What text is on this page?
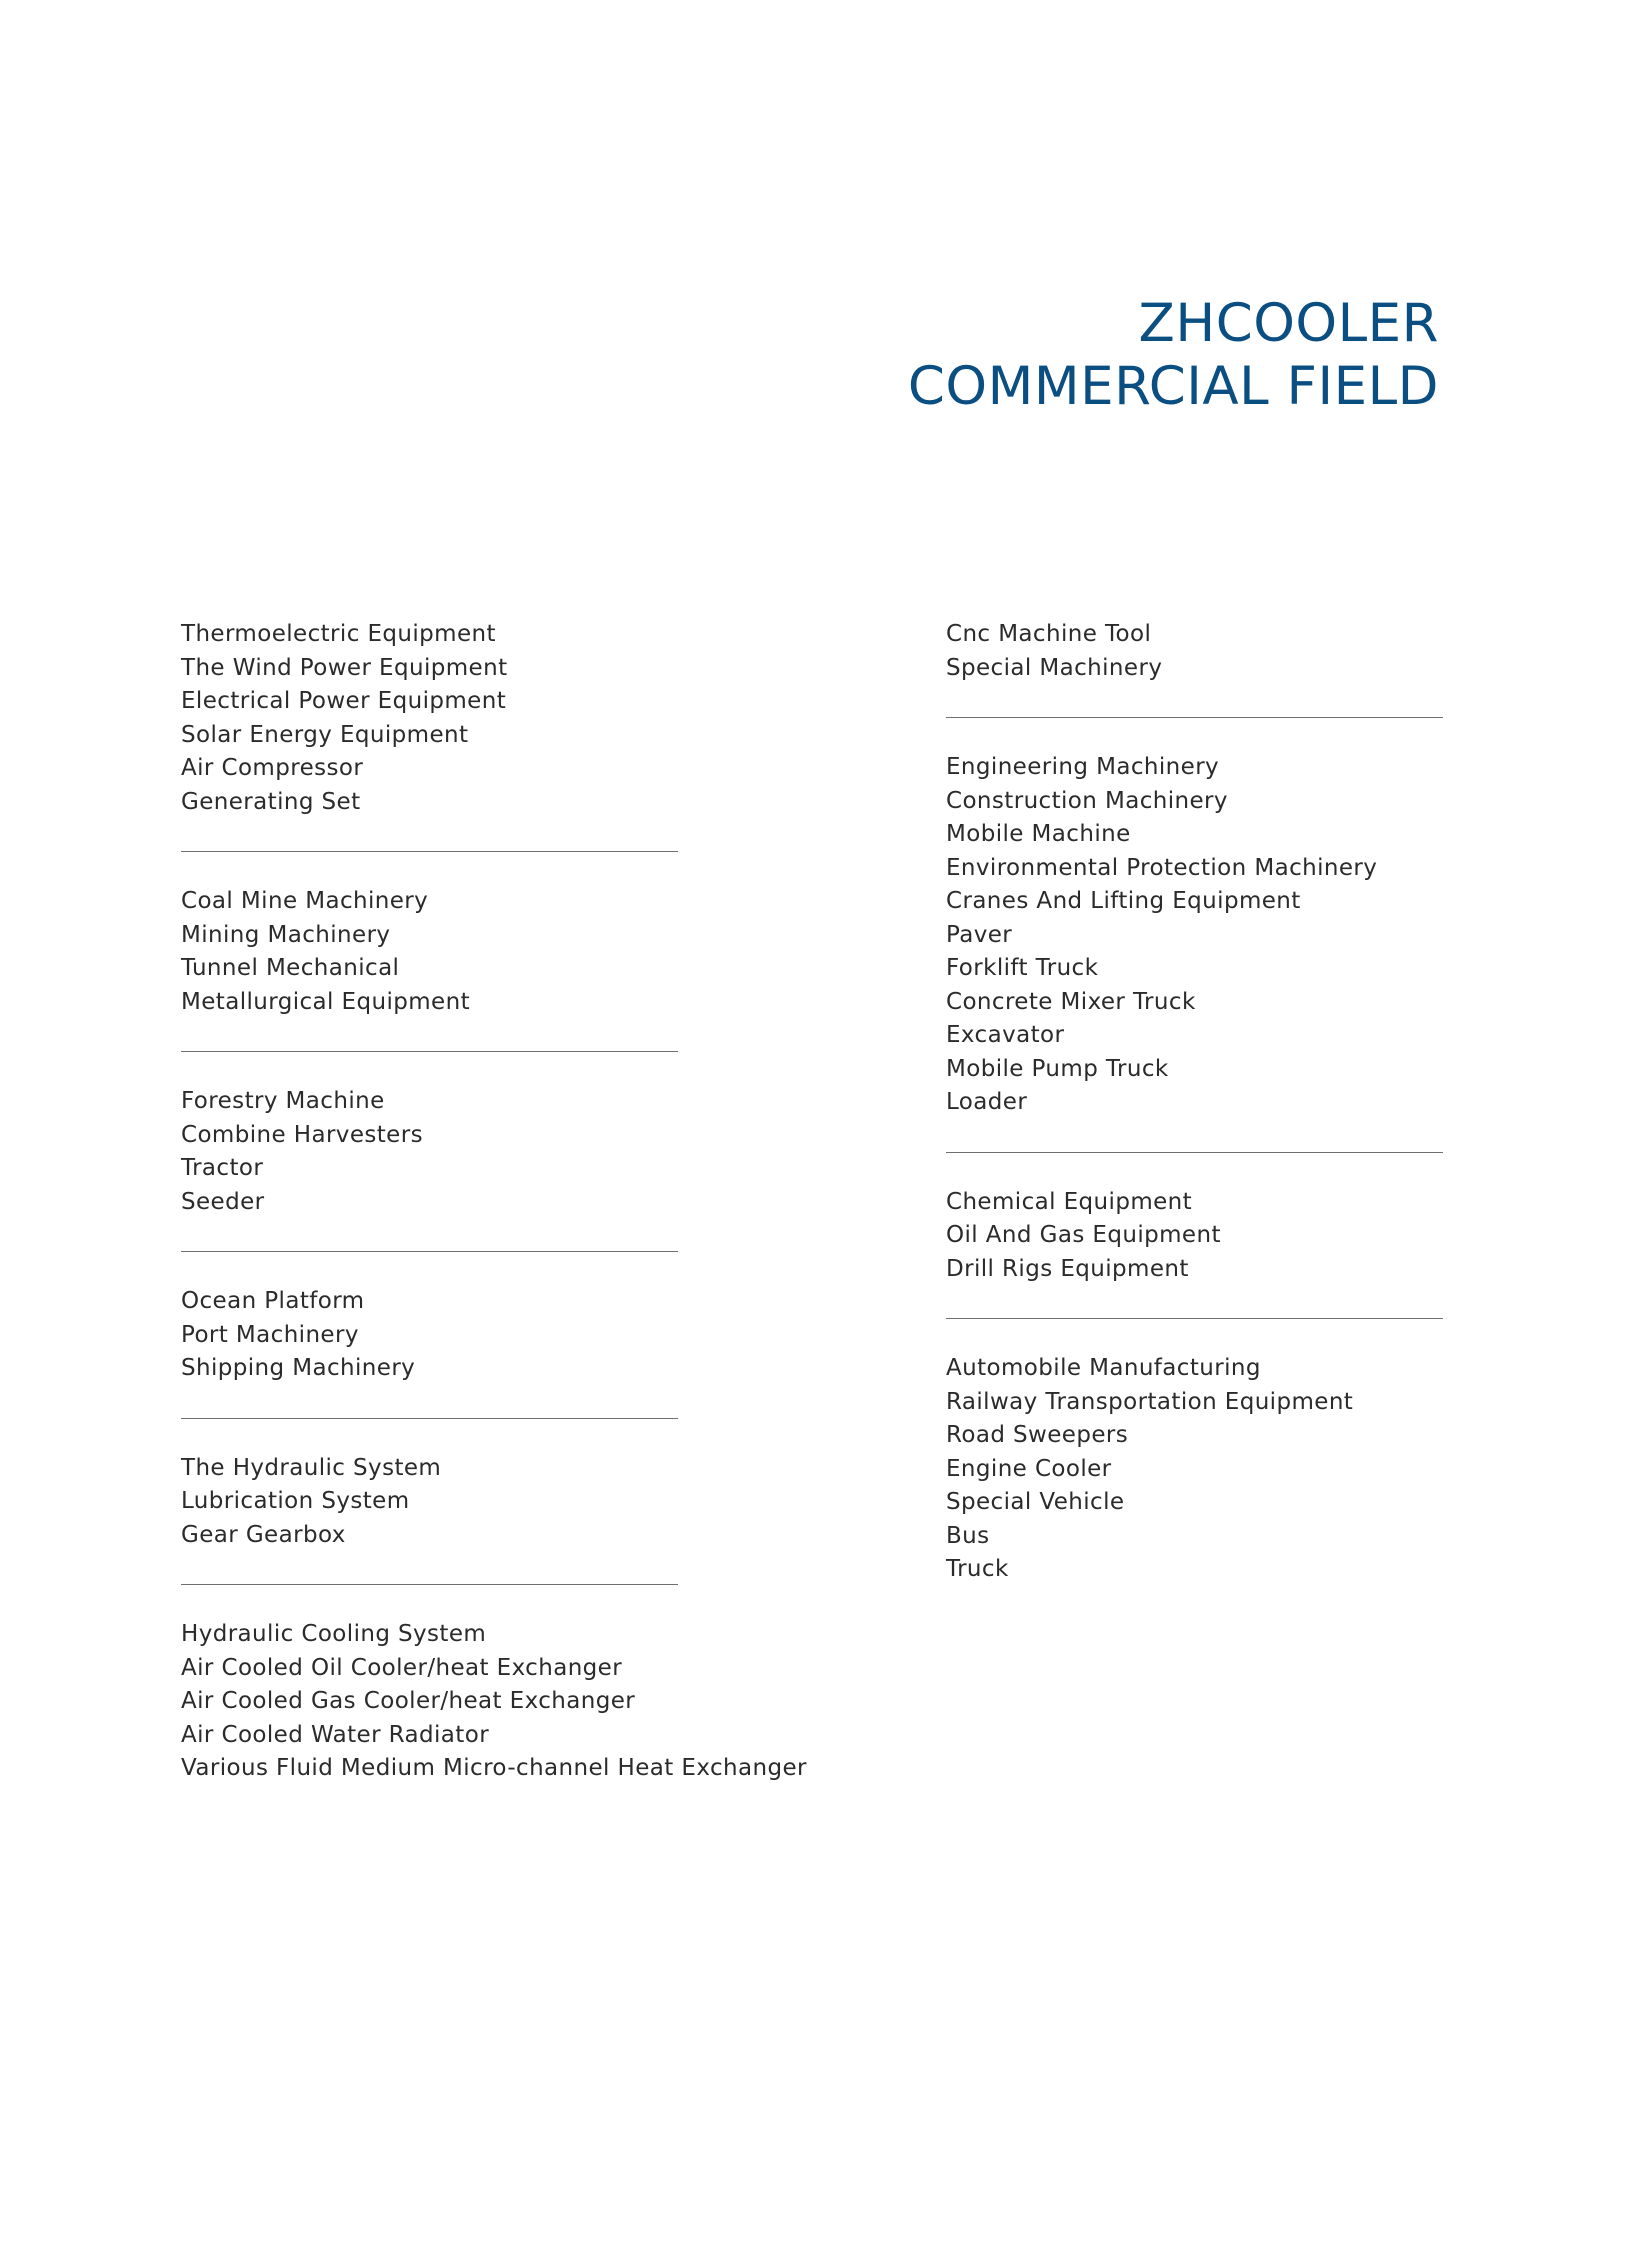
ZHCOOLER
COMMERCIAL FIELD
Thermoelectric Equipment
The Wind Power Equipment
Electrical Power Equipment
Solar Energy Equipment
Air Compressor
Generating Set
Coal Mine Machinery
Mining Machinery
Tunnel Mechanical
Metallurgical Equipment
Forestry Machine
Combine Harvesters
Tractor
Seeder
Ocean Platform
Port Machinery
Shipping Machinery
The Hydraulic System
Lubrication System
Gear Gearbox
Hydraulic Cooling System
Air Cooled Oil Cooler/heat Exchanger
Air Cooled Gas Cooler/heat Exchanger
Air Cooled Water Radiator
Various Fluid Medium Micro-channel Heat Exchanger
Cnc Machine Tool
Special Machinery
Engineering Machinery
Construction Machinery
Mobile Machine
Environmental Protection Machinery
Cranes And Lifting Equipment
Paver
Forklift Truck
Concrete Mixer Truck
Excavator
Mobile Pump Truck
Loader
Chemical Equipment
Oil And Gas Equipment
Drill Rigs Equipment
Automobile Manufacturing
Railway Transportation Equipment
Road Sweepers
Engine Cooler
Special Vehicle
Bus
Truck
